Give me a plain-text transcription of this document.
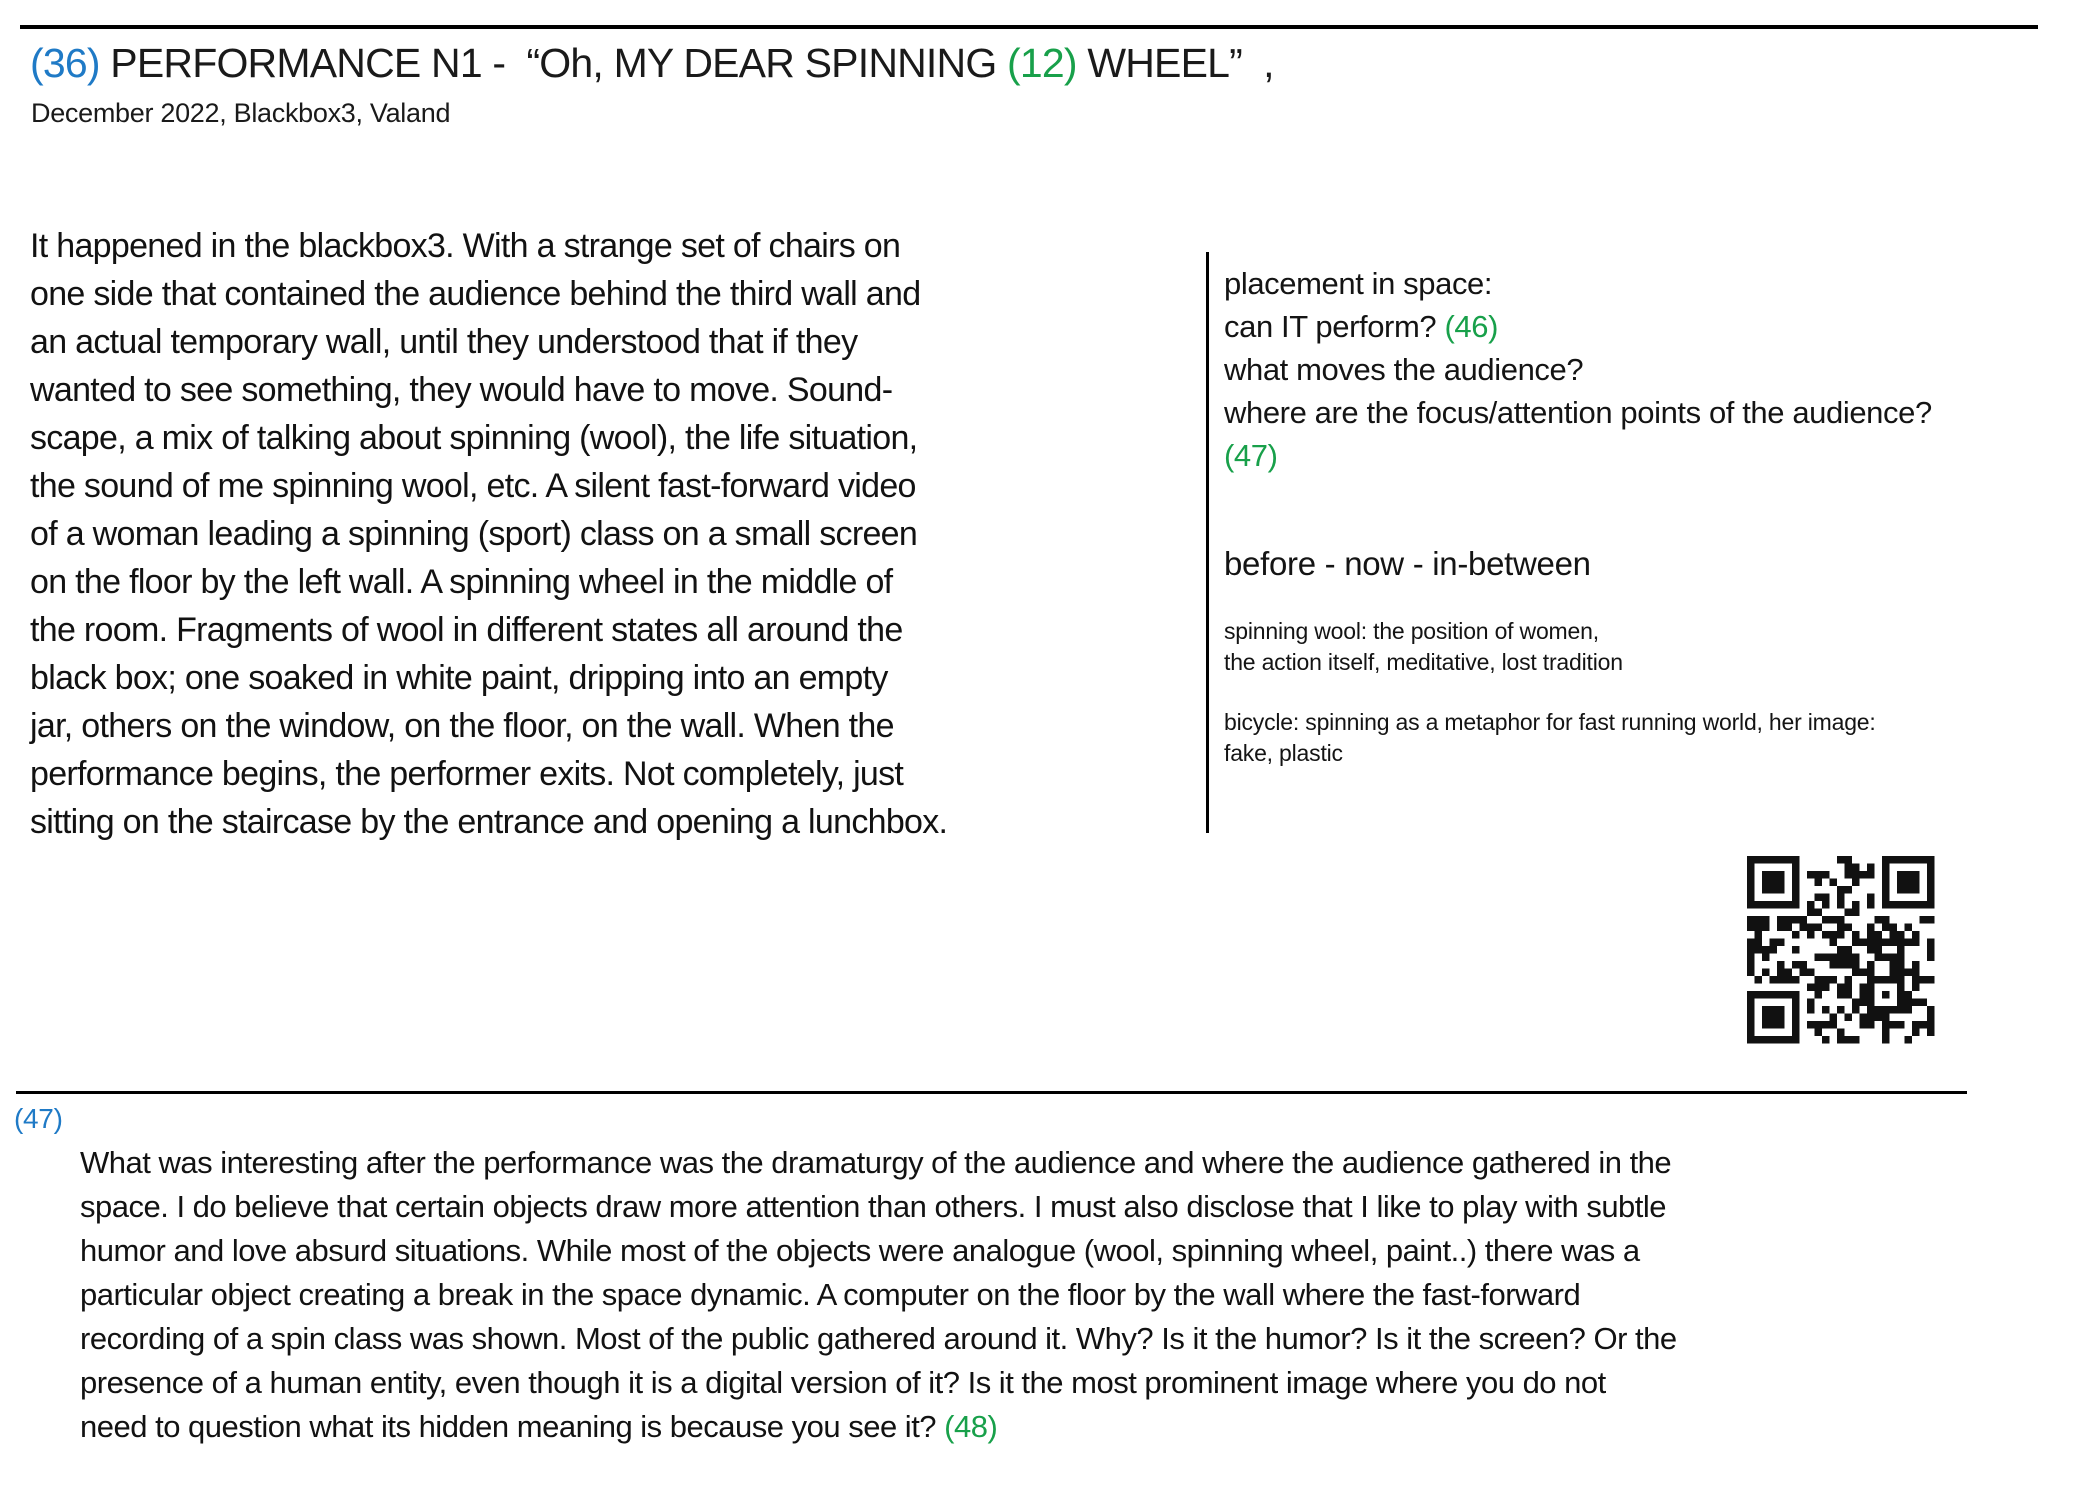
(36) PERFORMANCE N1 -  “Oh, MY DEAR SPINNING (12) WHEEL”  ,
December 2022, Blackbox3, Valand

It happened in the blackbox3. With a strange set of chairs on
one side that contained the audience behind the third wall and
an actual temporary wall, until they understood that if they
wanted to see something, they would have to move. Sound-
scape, a mix of talking about spinning (wool), the life situation,
the sound of me spinning wool, etc. A silent fast-forward video
of a woman leading a spinning (sport) class on a small screen
on the floor by the left wall. A spinning wheel in the middle of
the room. Fragments of wool in different states all around the
black box; one soaked in white paint, dripping into an empty
jar, others on the window, on the floor, on the wall. When the
performance begins, the performer exits. Not completely, just
sitting on the staircase by the entrance and opening a lunchbox.

placement in space:
can IT perform? (46)
what moves the audience?
where are the focus/attention points of the audience?
(47)
before - now - in-between
spinning wool: the position of women,
the action itself, meditative, lost tradition
bicycle: spinning as a metaphor for fast running world, her image:
fake, plastic
(47)

What was interesting after the performance was the dramaturgy of the audience and where the audience gathered in the
space. I do believe that certain objects draw more attention than others. I must also disclose that I like to play with subtle
humor and love absurd situations. While most of the objects were analogue (wool, spinning wheel, paint..) there was a
particular object creating a break in the space dynamic. A computer on the floor by the wall where the fast-forward
recording of a spin class was shown. Most of the public gathered around it. Why? Is it the humor? Is it the screen? Or the
presence of a human entity, even though it is a digital version of it? Is it the most prominent image where you do not

need to question what its hidden meaning is because you see it? (48)
